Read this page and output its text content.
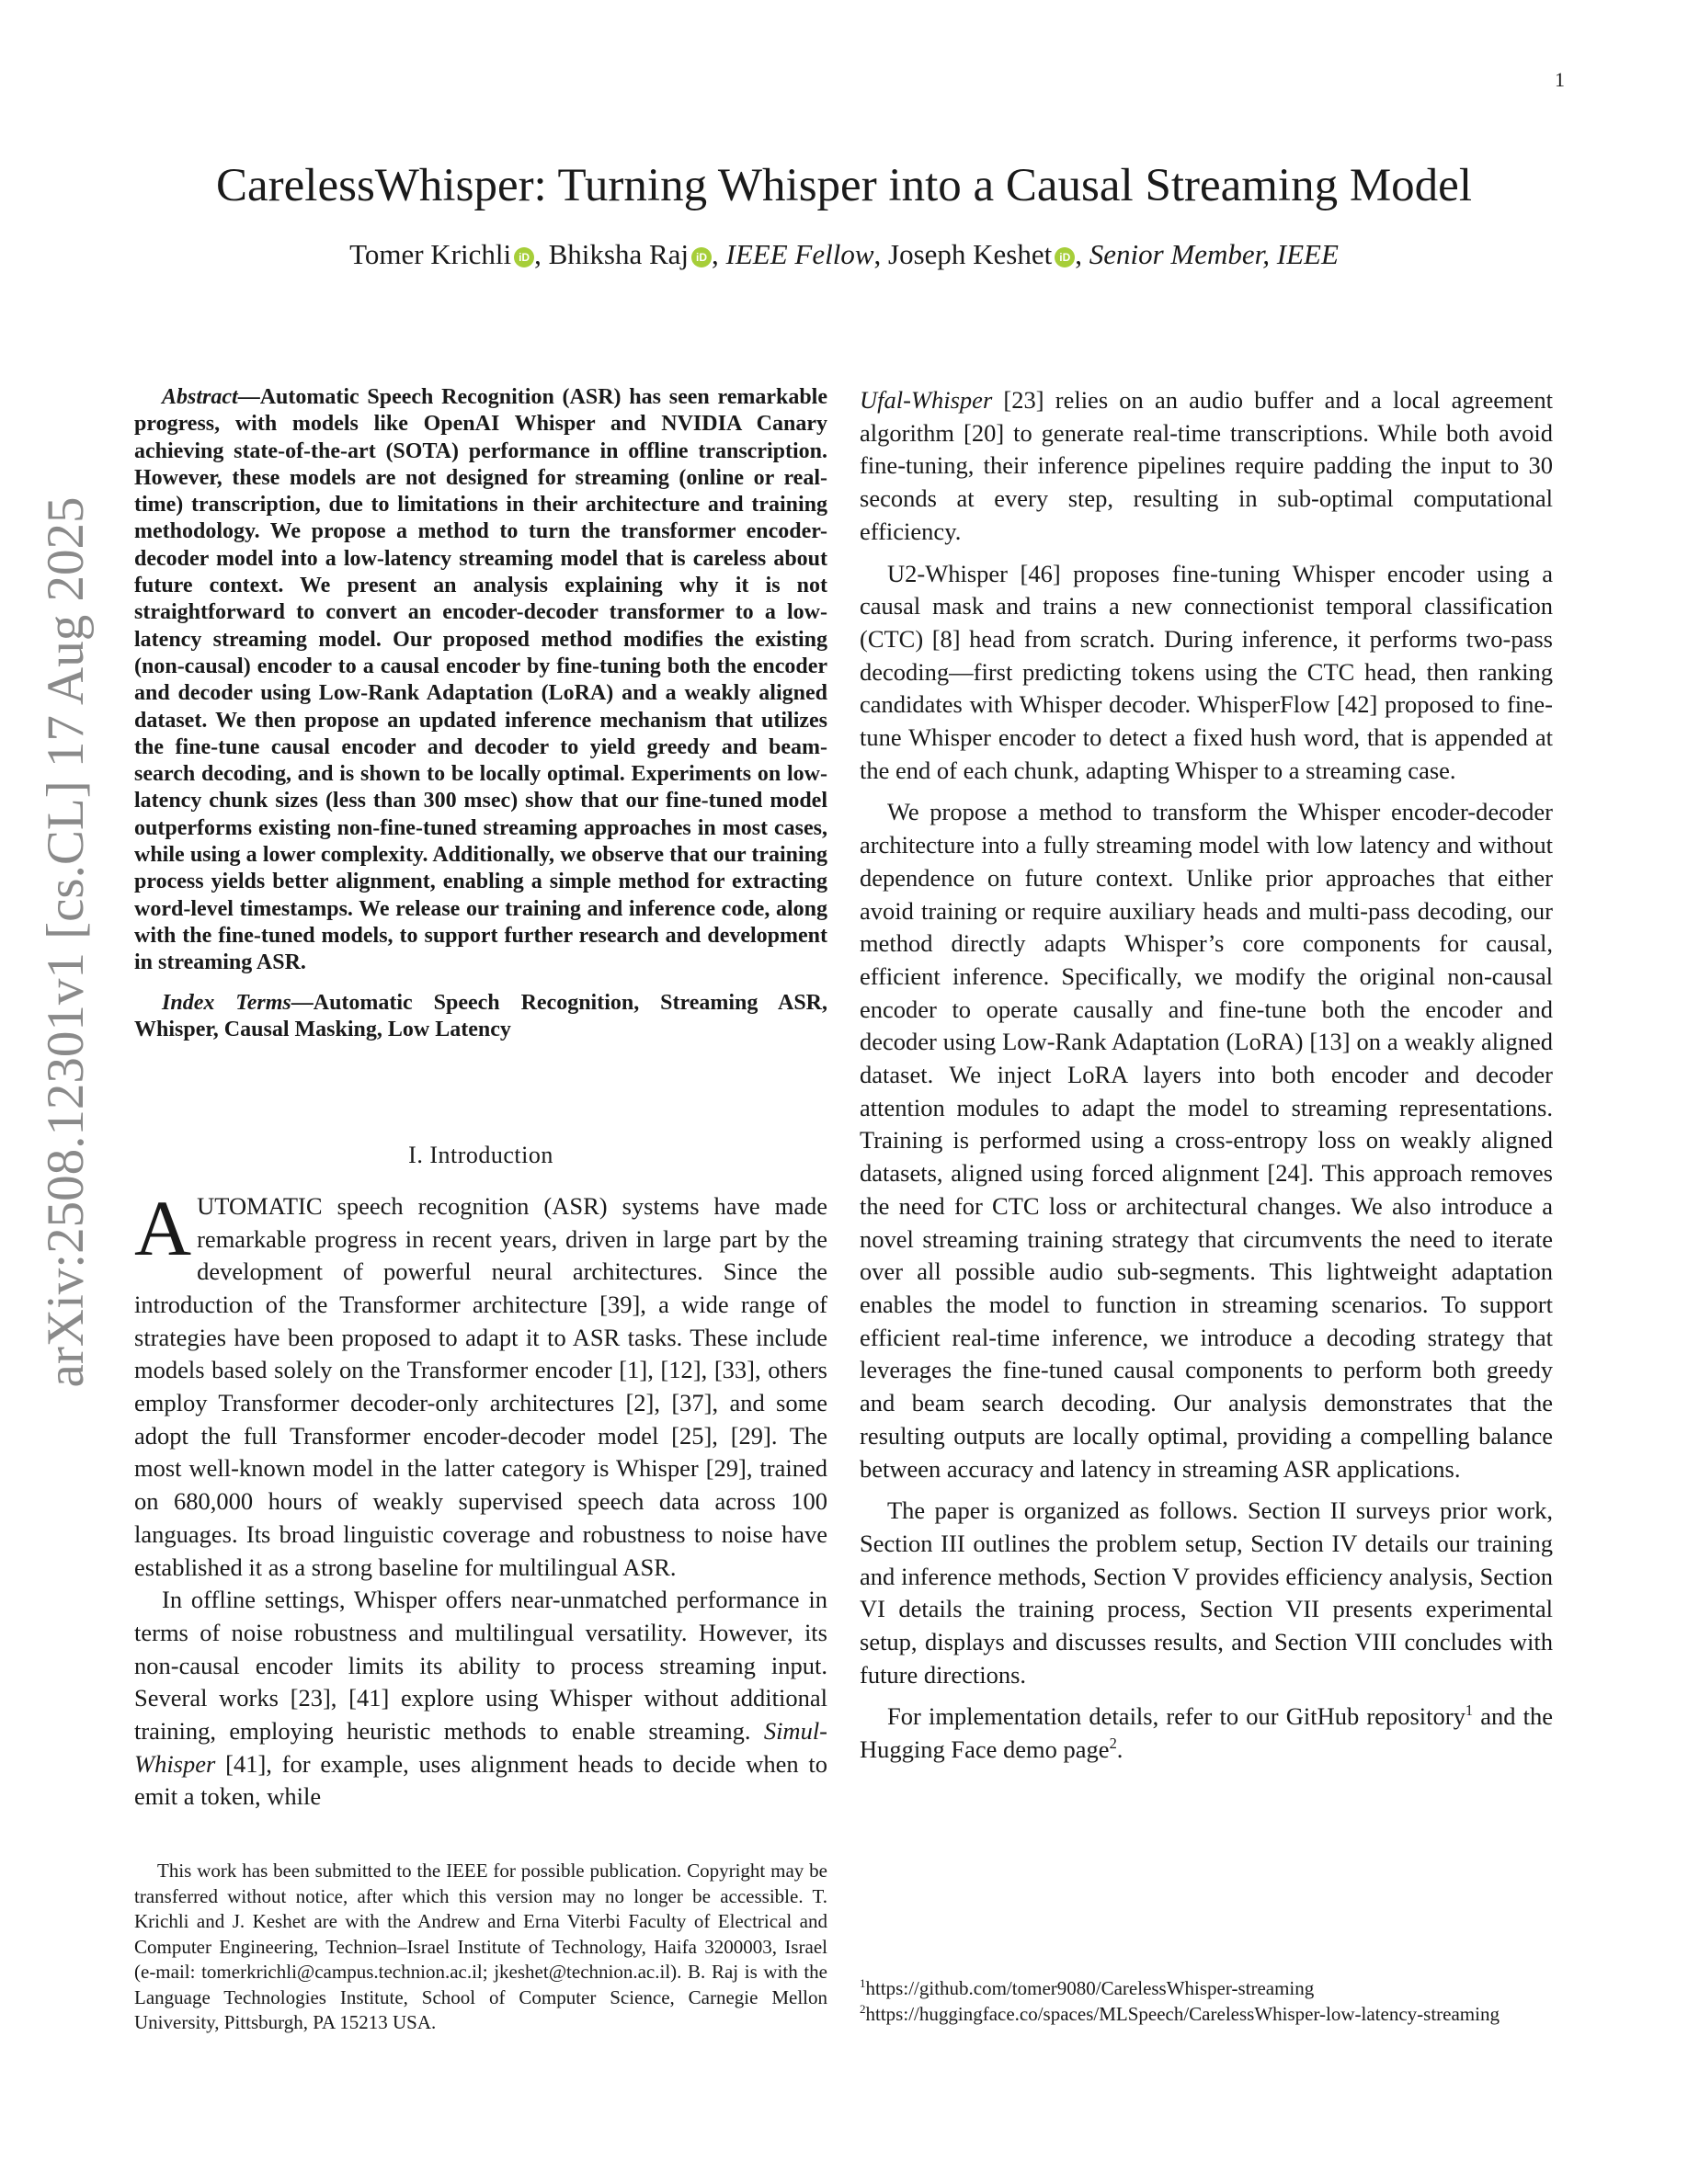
1
arXiv:2508.12301v1 [cs.CL] 17 Aug 2025
CarelessWhisper: Turning Whisper into a Causal Streaming Model
Tomer Krichli iD , Bhiksha Raj iD , IEEE Fellow, Joseph Keshet iD , Senior Member, IEEE

Abstract—Automatic Speech Recognition (ASR) has seen remarkable progress, with models like OpenAI Whisper and NVIDIA Canary achieving state-of-the-art (SOTA) performance in offline transcription. However, these models are not designed for streaming (online or real-time) transcription, due to limitations in their architecture and training methodology. We propose a method to turn the transformer encoder-decoder model into a low-latency streaming model that is careless about future context. We present an analysis explaining why it is not straightforward to convert an encoder-decoder transformer to a low-latency streaming model. Our proposed method modifies the existing (non-causal) encoder to a causal encoder by fine-tuning both the encoder and decoder using Low-Rank Adaptation (LoRA) and a weakly aligned dataset. We then propose an updated inference mechanism that utilizes the fine-tune causal encoder and decoder to yield greedy and beam-search decoding, and is shown to be locally optimal. Experiments on low-latency chunk sizes (less than 300 msec) show that our fine-tuned model outperforms existing non-fine-tuned streaming approaches in most cases, while using a lower complexity. Additionally, we observe that our training process yields better alignment, enabling a simple method for extracting word-level timestamps. We release our training and inference code, along with the fine-tuned models, to support further research and development in streaming ASR.

Index Terms—Automatic Speech Recognition, Streaming ASR, Whisper, Causal Masking, Low Latency

I. Introduction

AUTOMATIC speech recognition (ASR) systems have made remarkable progress in recent years, driven in large part by the development of powerful neural architectures. Since the introduction of the Transformer architecture [39], a wide range of strategies have been proposed to adapt it to ASR tasks. These include models based solely on the Transformer encoder [1], [12], [33], others employ Transformer decoder-only architectures [2], [37], and some adopt the full Transformer encoder-decoder model [25], [29]. The most well-known model in the latter category is Whisper [29], trained on 680,000 hours of weakly supervised speech data across 100 languages. Its broad linguistic coverage and robustness to noise have established it as a strong baseline for multilingual ASR.

In offline settings, Whisper offers near-unmatched performance in terms of noise robustness and multilingual versatility. However, its non-causal encoder limits its ability to process streaming input. Several works [23], [41] explore using Whisper without additional training, employing heuristic methods to enable streaming. Simul-Whisper [41], for example, uses alignment heads to decide when to emit a token, while

Ufal-Whisper [23] relies on an audio buffer and a local agreement algorithm [20] to generate real-time transcriptions. While both avoid fine-tuning, their inference pipelines require padding the input to 30 seconds at every step, resulting in sub-optimal computational efficiency.

U2-Whisper [46] proposes fine-tuning Whisper encoder using a causal mask and trains a new connectionist temporal classification (CTC) [8] head from scratch. During inference, it performs two-pass decoding—first predicting tokens using the CTC head, then ranking candidates with Whisper decoder. WhisperFlow [42] proposed to fine-tune Whisper encoder to detect a fixed hush word, that is appended at the end of each chunk, adapting Whisper to a streaming case.

We propose a method to transform the Whisper encoder-decoder architecture into a fully streaming model with low latency and without dependence on future context. Unlike prior approaches that either avoid training or require auxiliary heads and multi-pass decoding, our method directly adapts Whisper’s core components for causal, efficient inference. Specifically, we modify the original non-causal encoder to operate causally and fine-tune both the encoder and decoder using Low-Rank Adaptation (LoRA) [13] on a weakly aligned dataset. We inject LoRA layers into both encoder and decoder attention modules to adapt the model to streaming representations. Training is performed using a cross-entropy loss on weakly aligned datasets, aligned using forced alignment [24]. This approach removes the need for CTC loss or architectural changes. We also introduce a novel streaming training strategy that circumvents the need to iterate over all possible audio sub-segments. This lightweight adaptation enables the model to function in streaming scenarios. To support efficient real-time inference, we introduce a decoding strategy that leverages the fine-tuned causal components to perform both greedy and beam search decoding. Our analysis demonstrates that the resulting outputs are locally optimal, providing a compelling balance between accuracy and latency in streaming ASR applications.

The paper is organized as follows. Section II surveys prior work, Section III outlines the problem setup, Section IV details our training and inference methods, Section V provides efficiency analysis, Section VI details the training process, Section VII presents experimental setup, displays and discusses results, and Section VIII concludes with future directions.

For implementation details, refer to our GitHub repository$^1$ and the Hugging Face demo page$^2$.

This work has been submitted to the IEEE for possible publication. Copyright may be transferred without notice, after which this version may no longer be accessible. T. Krichli and J. Keshet are with the Andrew and Erna Viterbi Faculty of Electrical and Computer Engineering, Technion–Israel Institute of Technology, Haifa 3200003, Israel (e-mail: tomerkrichli@campus.technion.ac.il; jkeshet@technion.ac.il). B. Raj is with the Language Technologies Institute, School of Computer Science, Carnegie Mellon University, Pittsburgh, PA 15213 USA.
$^1$https://github.com/tomer9080/CarelessWhisper-streaming
$^2$https://huggingface.co/spaces/MLSpeech/CarelessWhisper-low-latency-streaming
